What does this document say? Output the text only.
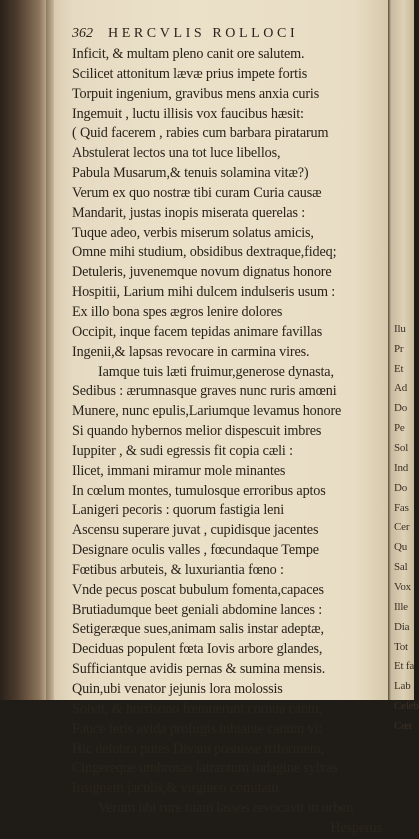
Ilu
Pr
Et
Ad
Do
Pe
Sol
Ind
Do
Fas
Cer
Qu
Sal
Vox
Ille
Dia
Tot
Et fa
Lab
Celeb
Cœt
362 HERCVLIS ROLLOCI
Inficit, & multam pleno canit ore salutem.
Scilicet attonitum lævæ prius impete fortis
Torpuit ingenium, gravibus mens anxia curis
Ingemuit , luctu illisis vox faucibus hæsit:
( Quid facerem , rabies cum barbara piratarum
Abstulerat lectos una tot luce libellos,
Pabula Musarum,& tenuis solamina vitæ?)
Verum ex quo nostræ tibi curam Curia causæ
Mandarit, justas inopis miserata querelas :
Tuque adeo, verbis miserum solatus amicis,
Omne mihi studium, obsidibus dextraque,fideq;
Detuleris, juvenemque novum dignatus honore
Hospitii, Larium mihi dulcem indulseris usum :
Ex illo bona spes ægros lenire dolores
Occipit, inque facem tepidas animare favillas
Ingenii,& lapsas revocare in carmina vires.
Iamque tuis læti fruimur,generose dynasta,
Sedibus : ærumnasque graves nunc ruris amœni
Munere, nunc epulis,Lariumque levamus honore
Si quando hybernos melior dispescuit imbres
Iuppiter , & sudi egressis fit copia cæli :
Ilicet, immani miramur mole minantes
In cœlum montes, tumulosque erroribus aptos
Lanigeri pecoris : quorum fastigia leni
Ascensu superare juvat , cupidisque jacentes
Designare oculis valles , fœcundaque Tempe
Fœtibus arbuteis, & luxuriantia fœno :
Vnde pecus poscat bubulum fomenta,capaces
Brutiadumque beet geniali abdomine lances :
Setigeræque sues,animam salis instar adeptæ,
Deciduas populent fœta Iovis arbore glandes,
Sufficiantque avidis pernas & sumina mensis.
Quin,ubi venator jejunis lora molossis
Solvit, & horrisono fremuerunt cornua cantu,
Fauce feris avida profugis inhiante canum vi:
Hic delubra putes Divam posuisse triformem,
Cingereque umbrosas latrantum indagine sylvas
Insignem jaculis,& virgineo comitatu.
Verum ubi rure tuam lassos revocavit in urben
Hesperus
